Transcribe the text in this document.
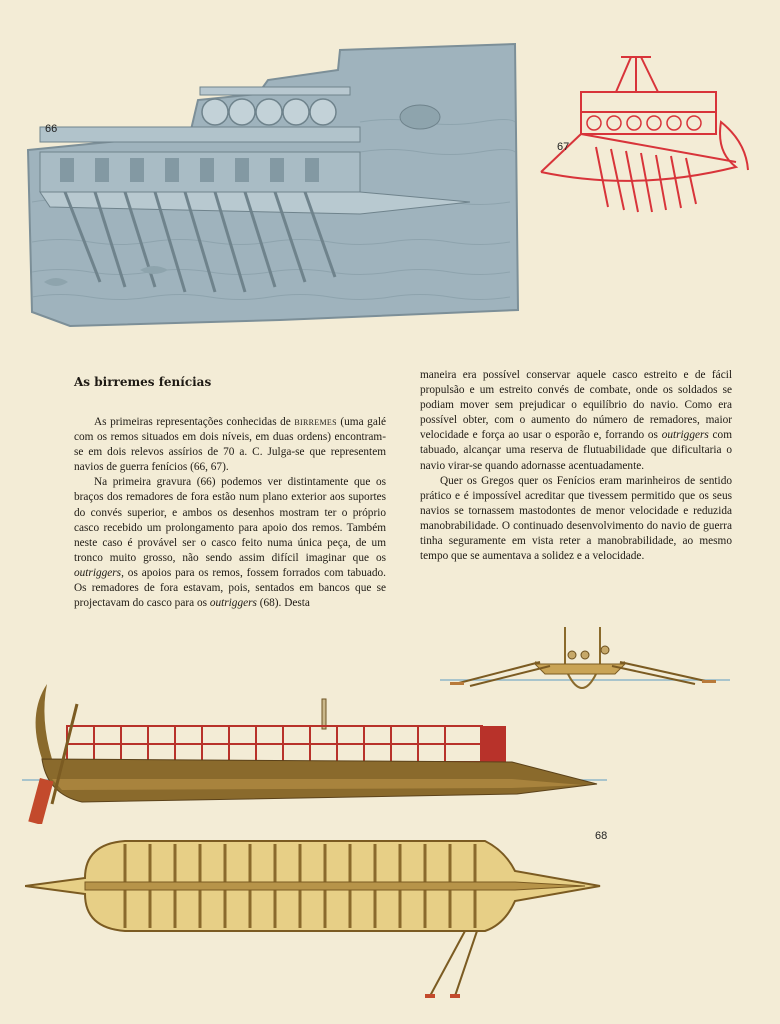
66
67
As birremes fenícias

As primeiras representações conhecidas de birremes (uma galé com os remos situados em dois níveis, em duas ordens) encontram-se em dois relevos assírios de 70 a. C. Julga-se que representem navios de guerra fenícios (66, 67).

Na primeira gravura (66) podemos ver distintamente que os braços dos remadores de fora estão num plano exterior aos suportes do convés superior, e ambos os desenhos mostram ter o próprio casco recebido um prolongamento para apoio dos remos. Também neste caso é provável ser o casco feito numa única peça, de um tronco muito grosso, não sendo assim difícil imaginar que os outriggers, os apoios para os remos, fossem forrados com tabuado. Os remadores de fora estavam, pois, sentados em bancos que se projectavam do casco para os outriggers (68). Desta

maneira era possível conservar aquele casco estreito e de fácil propulsão e um estreito convés de combate, onde os soldados se podiam mover sem prejudicar o equilíbrio do navio. Como era possível obter, com o aumento do número de remadores, maior velocidade e força ao usar o esporão e, forrando os outriggers com tabuado, alcançar uma reserva de flutuabilidade que dificultaria o navio virar-se quando adornasse acentuadamente.

Quer os Gregos quer os Fenícios eram marinheiros de sentido prático e é impossível acreditar que tivessem permitido que os seus navios se tornassem mastodontes de menor velocidade e reduzida manobrabilidade. O continuado desenvolvimento do navio de guerra tinha seguramente em vista reter a manobrabilidade, ao mesmo tempo que se aumentava a solidez e a velocidade.

68
